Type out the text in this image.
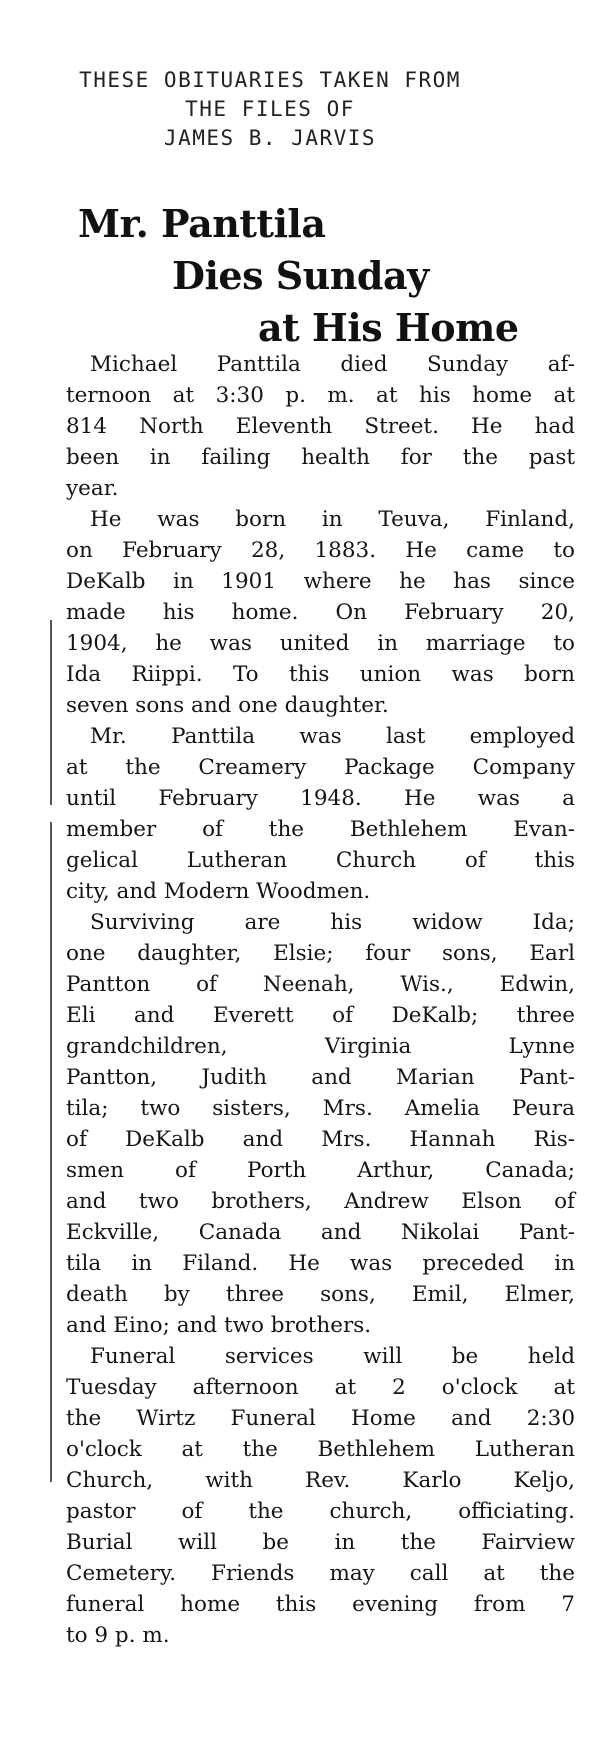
THESE OBITUARIES TAKEN FROM
THE FILES OF
JAMES B. JARVIS
Mr. Panttila
Dies Sunday
at His Home
Michael Panttila died Sunday af-
ternoon at 3:30 p. m. at his home at
814 North Eleventh Street. He had
been in failing health for the past
year.
He was born in Teuva, Finland,
on February 28, 1883. He came to
DeKalb in 1901 where he has since
made his home. On February 20,
1904, he was united in marriage to
Ida Riippi. To this union was born
seven sons and one daughter.
Mr. Panttila was last employed
at the Creamery Package Company
until February 1948. He was a
member of the Bethlehem Evan-
gelical Lutheran Church of this
city, and Modern Woodmen.
Surviving are his widow Ida;
one daughter, Elsie; four sons, Earl
Pantton of Neenah, Wis., Edwin,
Eli and Everett of DeKalb; three
grandchildren, Virginia Lynne
Pantton, Judith and Marian Pant-
tila; two sisters, Mrs. Amelia Peura
of DeKalb and Mrs. Hannah Ris-
smen of Porth Arthur, Canada;
and two brothers, Andrew Elson of
Eckville, Canada and Nikolai Pant-
tila in Filand. He was preceded in
death by three sons, Emil, Elmer,
and Eino; and two brothers.
Funeral services will be held
Tuesday afternoon at 2 o'clock at
the Wirtz Funeral Home and 2:30
o'clock at the Bethlehem Lutheran
Church, with Rev. Karlo Keljo,
pastor of the church, officiating.
Burial will be in the Fairview
Cemetery. Friends may call at the
funeral home this evening from 7
to 9 p. m.
